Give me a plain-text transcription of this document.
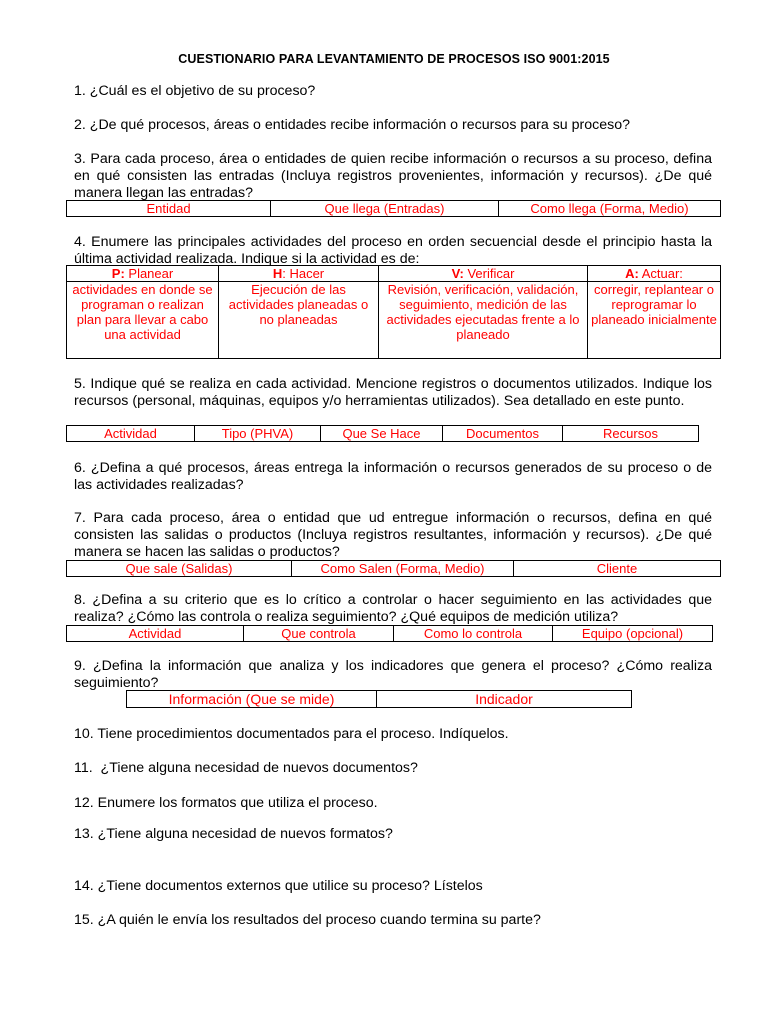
CUESTIONARIO PARA LEVANTAMIENTO DE PROCESOS ISO 9001:2015
1. ¿Cuál es el objetivo de su proceso?
2. ¿De qué procesos, áreas o entidades recibe información o recursos para su proceso?
3. Para cada proceso, área o entidades de quien recibe información o recursos a su proceso, defina en qué consisten las entradas (Incluya registros provenientes, información y recursos). ¿De qué manera llegan las entradas?
Entidad	Que llega (Entradas)	Como llega (Forma, Medio)
4. Enumere las principales actividades del proceso en orden secuencial desde el principio hasta la última actividad realizada. Indique si la actividad es de:
P: Planear	H: Hacer	V: Verificar	A: Actuar:
actividades en donde se programan o realizan plan para llevar a cabo una actividad	Ejecución de las actividades planeadas o no planeadas	Revisión, verificación, validación, seguimiento, medición de las actividades ejecutadas frente a lo planeado	corregir, replantear o reprogramar lo planeado inicialmente
5. Indique qué se realiza en cada actividad. Mencione registros o documentos utilizados. Indique los recursos (personal, máquinas, equipos y/o herramientas utilizados). Sea detallado en este punto.
Actividad	Tipo (PHVA)	Que Se Hace	Documentos	Recursos
6. ¿Defina a qué procesos, áreas entrega la información o recursos generados de su proceso o de las actividades realizadas?
7. Para cada proceso, área o entidad que ud entregue información o recursos, defina en qué consisten las salidas o productos (Incluya registros resultantes, información y recursos). ¿De qué manera se hacen las salidas o productos?
Que sale (Salidas)	Como Salen (Forma, Medio)	Cliente
8. ¿Defina a su criterio que es lo crítico a controlar o hacer seguimiento en las actividades que realiza? ¿Cómo las controla o realiza seguimiento? ¿Qué equipos de medición utiliza?
Actividad	Que controla	Como lo controla	Equipo (opcional)
9. ¿Defina la información que analiza y los indicadores que genera el proceso? ¿Cómo realiza seguimiento?
Información (Que se mide)	Indicador
10. Tiene procedimientos documentados para el proceso. Indíquelos.
11.  ¿Tiene alguna necesidad de nuevos documentos?
12. Enumere los formatos que utiliza el proceso.
13. ¿Tiene alguna necesidad de nuevos formatos?
14. ¿Tiene documentos externos que utilice su proceso? Lístelos
15. ¿A quién le envía los resultados del proceso cuando termina su parte?
